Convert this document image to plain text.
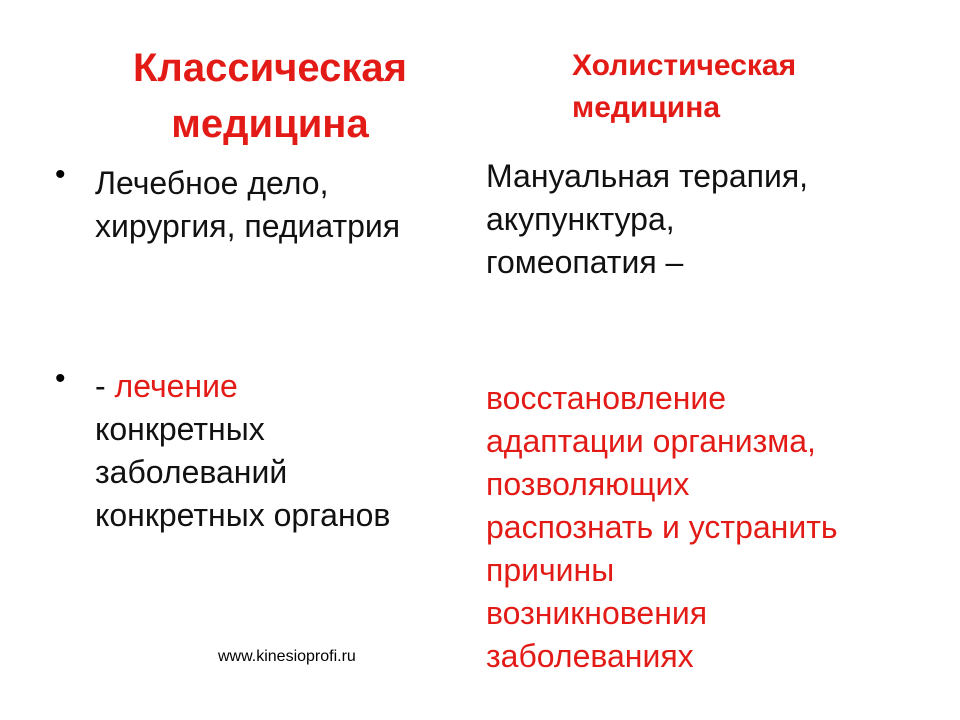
Классическая
медицина
Холистическая
медицина
• Лечебное дело,
хирургия, педиатрия
• - лечение
конкретных
заболеваний
конкретных органов
Мануальная терапия,
акупунктура,
гомеопатия –
восстановление
адаптации организма,
позволяющих
распознать и устранить
причины
возникновения
заболеваниях
www.kinesioprofi.ru
